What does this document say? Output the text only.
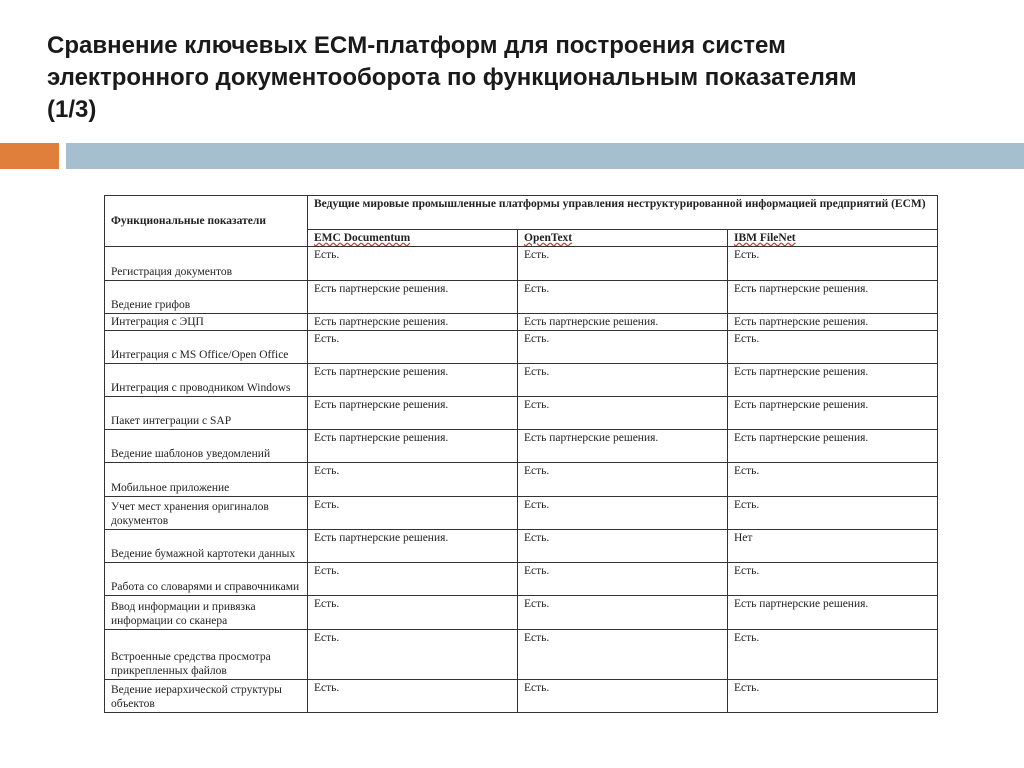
Сравнение ключевых ECM-платформ для построения систем
электронного документооборота по функциональным показателям
(1/3)
Функциональные показатели	Ведущие мировые промышленные платформы управления неструктурированной информацией предприятий (ECM)		
	EMC Documentum	OpenText	IBM FileNet
Регистрация документов	Есть.	Есть.	Есть.
Ведение грифов	Есть партнерские решения.	Есть.	Есть партнерские решения.
Интеграция с ЭЦП	Есть партнерские решения.	Есть партнерские решения.	Есть партнерские решения.
Интеграция с MS Office/Open Office	Есть.	Есть.	Есть.
Интеграция с проводником Windows	Есть партнерские решения.	Есть.	Есть партнерские решения.
Пакет интеграции с SAP	Есть партнерские решения.	Есть.	Есть партнерские решения.
Ведение шаблонов уведомлений	Есть партнерские решения.	Есть партнерские решения.	Есть партнерские решения.
Мобильное приложение	Есть.	Есть.	Есть.
Учет мест хранения оригиналов документов	Есть.	Есть.	Есть.
Ведение бумажной картотеки данных	Есть партнерские решения.	Есть.	Нет
Работа со словарями и справочниками	Есть.	Есть.	Есть.
Ввод информации и привязка информации со сканера	Есть.	Есть.	Есть партнерские решения.
Встроенные средства просмотра прикрепленных файлов	Есть.	Есть.	Есть.
Ведение иерархической структуры объектов	Есть.	Есть.	Есть.
